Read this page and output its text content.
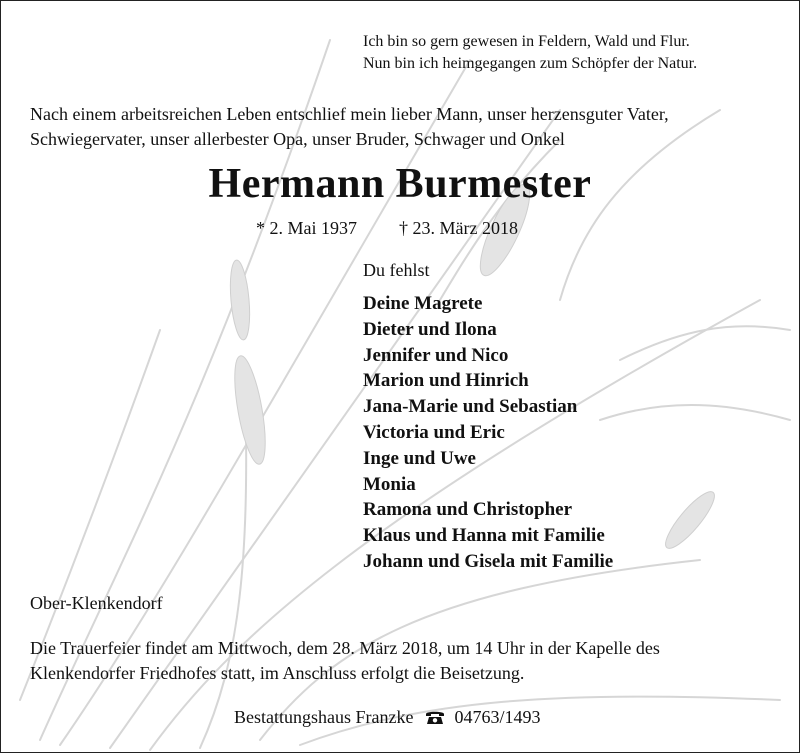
Ich bin so gern gewesen in Feldern, Wald und Flur.
Nun bin ich heimgegangen zum Schöpfer der Natur.
Nach einem arbeitsreichen Leben entschlief mein lieber Mann, unser herzensguter Vater,
Schwiegervater, unser allerbester Opa, unser Bruder, Schwager und Onkel
Hermann Burmester
* 2. Mai 1937 † 23. März 2018
Du fehlst
Deine Magrete
Dieter und Ilona
Jennifer und Nico
Marion und Hinrich
Jana-Marie und Sebastian
Victoria und Eric
Inge und Uwe
Monia
Ramona und Christopher
Klaus und Hanna mit Familie
Johann und Gisela mit Familie
Ober-Klenkendorf
Die Trauerfeier findet am Mittwoch, dem 28. März 2018, um 14 Uhr in der Kapelle des
Klenkendorfer Friedhofes statt, im Anschluss erfolgt die Beisetzung.
Bestattungshaus Franzke 04763/1493
